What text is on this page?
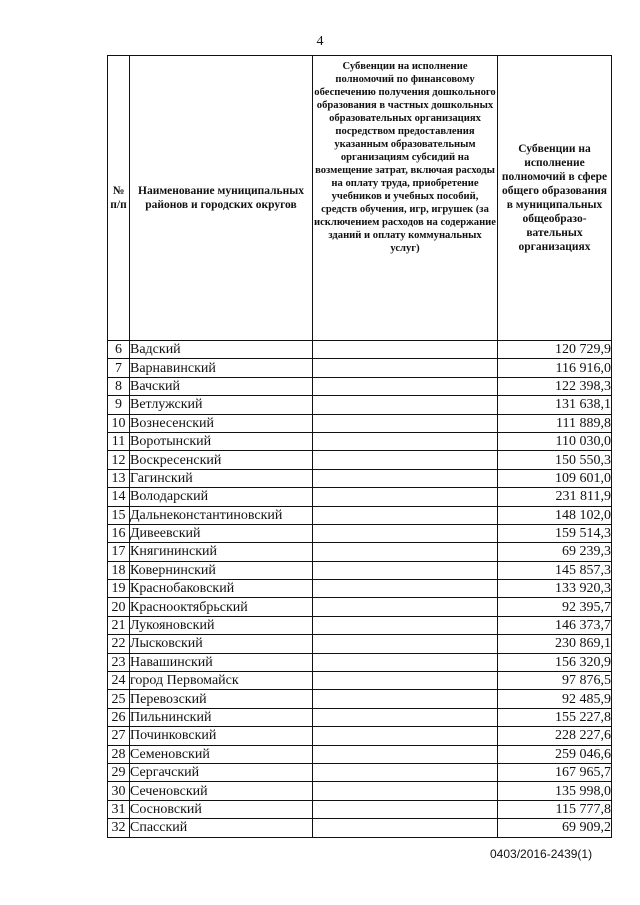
4
№ п/п	Наименование муниципальных районов и городских округов	Субвенции на исполнение полномочий по финансовому обеспечению получения дошкольного образования в частных дошкольных образовательных организациях посредством предоставления указанным образовательным организациям субсидий на возмещение затрат, включая расходы на оплату труда, приобретение учебников и учебных пособий, средств обучения, игр, игрушек (за исключением расходов на содержание зданий и оплату коммунальных услуг)	Субвенции на исполнение полномочий в сфере общего образования в муниципальных общеобразо-вательных организациях
6	Вадский		120 729,9
7	Варнавинский		116 916,0
8	Вачский		122 398,3
9	Ветлужский		131 638,1
10	Вознесенский		111 889,8
11	Воротынский		110 030,0
12	Воскресенский		150 550,3
13	Гагинский		109 601,0
14	Володарский		231 811,9
15	Дальнеконстантиновский		148 102,0
16	Дивеевский		159 514,3
17	Княгининский		69 239,3
18	Ковернинский		145 857,3
19	Краснобаковский		133 920,3
20	Краснооктябрьский		92 395,7
21	Лукояновский		146 373,7
22	Лысковский		230 869,1
23	Навашинский		156 320,9
24	город Первомайск		97 876,5
25	Перевозский		92 485,9
26	Пильнинский		155 227,8
27	Починковский		228 227,6
28	Семеновский		259 046,6
29	Сергачский		167 965,7
30	Сеченовский		135 998,0
31	Сосновский		115 777,8
32	Спасский		69 909,2
0403/2016-2439(1)
